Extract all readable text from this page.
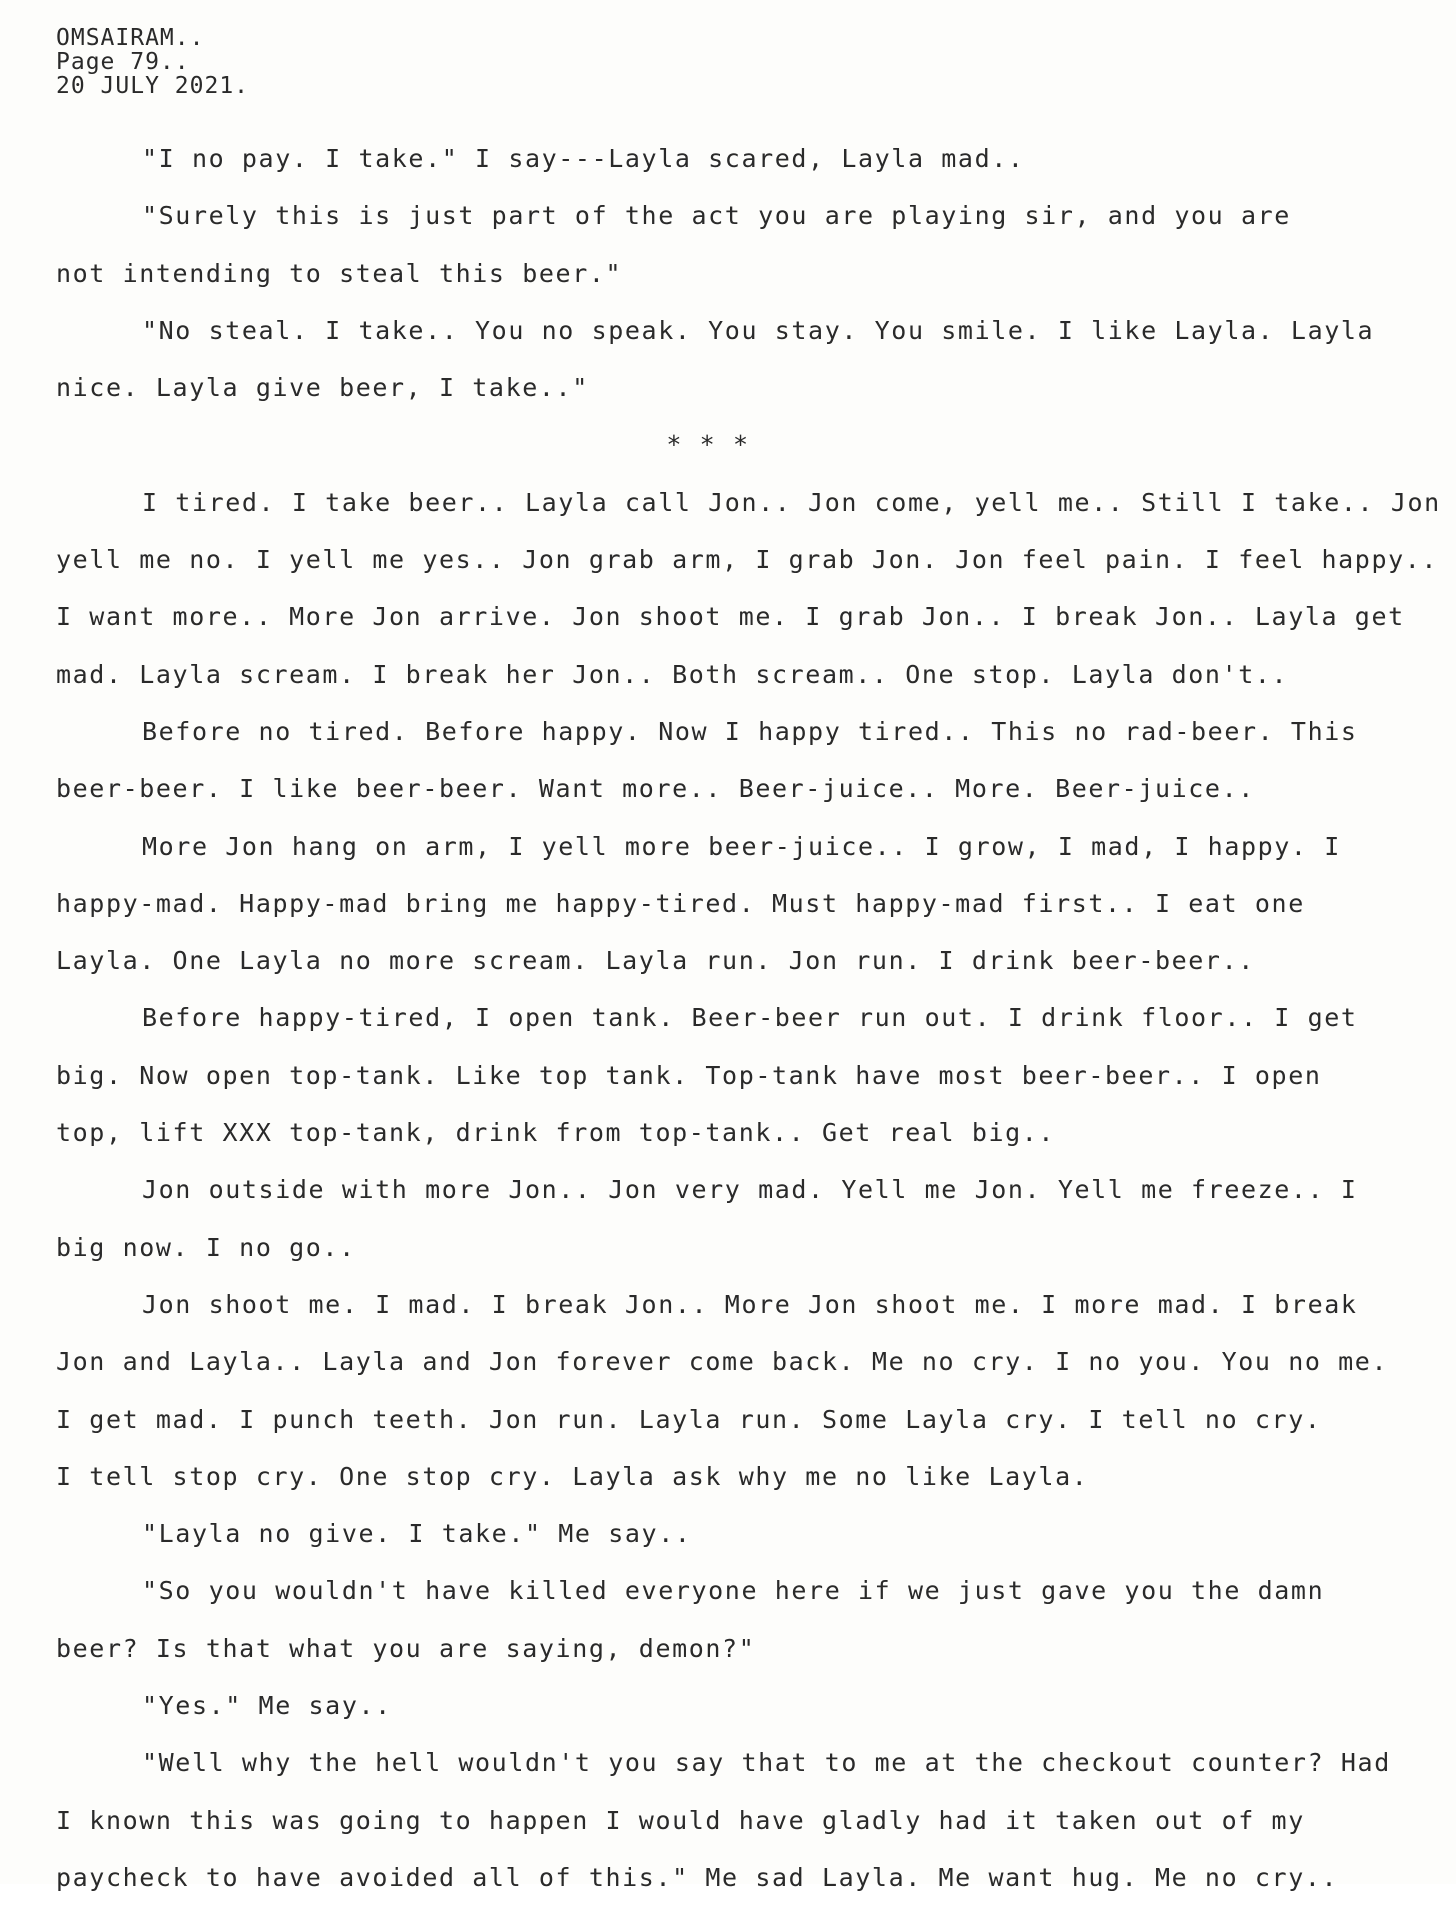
OMSAIRAM..
Page 79..
20 JULY 2021.
"I no pay. I take." I say---Layla scared, Layla mad..
"Surely this is just part of the act you are playing sir, and you are
not intending to steal this beer."
"No steal. I take.. You no speak. You stay. You smile. I like Layla. Layla
nice. Layla give beer, I take.."
* * *
I tired. I take beer.. Layla call Jon.. Jon come, yell me.. Still I take.. Jon
yell me no. I yell me yes.. Jon grab arm, I grab Jon. Jon feel pain. I feel happy..
I want more.. More Jon arrive. Jon shoot me. I grab Jon.. I break Jon.. Layla get
mad. Layla scream. I break her Jon.. Both scream.. One stop. Layla don't..
Before no tired. Before happy. Now I happy tired.. This no rad-beer. This
beer-beer. I like beer-beer. Want more.. Beer-juice.. More. Beer-juice..
More Jon hang on arm, I yell more beer-juice.. I grow, I mad, I happy. I
happy-mad. Happy-mad bring me happy-tired. Must happy-mad first.. I eat one
Layla. One Layla no more scream. Layla run. Jon run. I drink beer-beer..
Before happy-tired, I open tank. Beer-beer run out. I drink floor.. I get
big. Now open top-tank. Like top tank. Top-tank have most beer-beer.. I open
top, lift XXX top-tank, drink from top-tank.. Get real big..
Jon outside with more Jon.. Jon very mad. Yell me Jon. Yell me freeze.. I
big now. I no go..
Jon shoot me. I mad. I break Jon.. More Jon shoot me. I more mad. I break
Jon and Layla.. Layla and Jon forever come back. Me no cry. I no you. You no me.
I get mad. I punch teeth. Jon run. Layla run. Some Layla cry. I tell no cry.
I tell stop cry. One stop cry. Layla ask why me no like Layla.
"Layla no give. I take." Me say..
"So you wouldn't have killed everyone here if we just gave you the damn
beer? Is that what you are saying, demon?"
"Yes." Me say..
"Well why the hell wouldn't you say that to me at the checkout counter? Had
I known this was going to happen I would have gladly had it taken out of my
paycheck to have avoided all of this." Me sad Layla. Me want hug. Me no cry..
